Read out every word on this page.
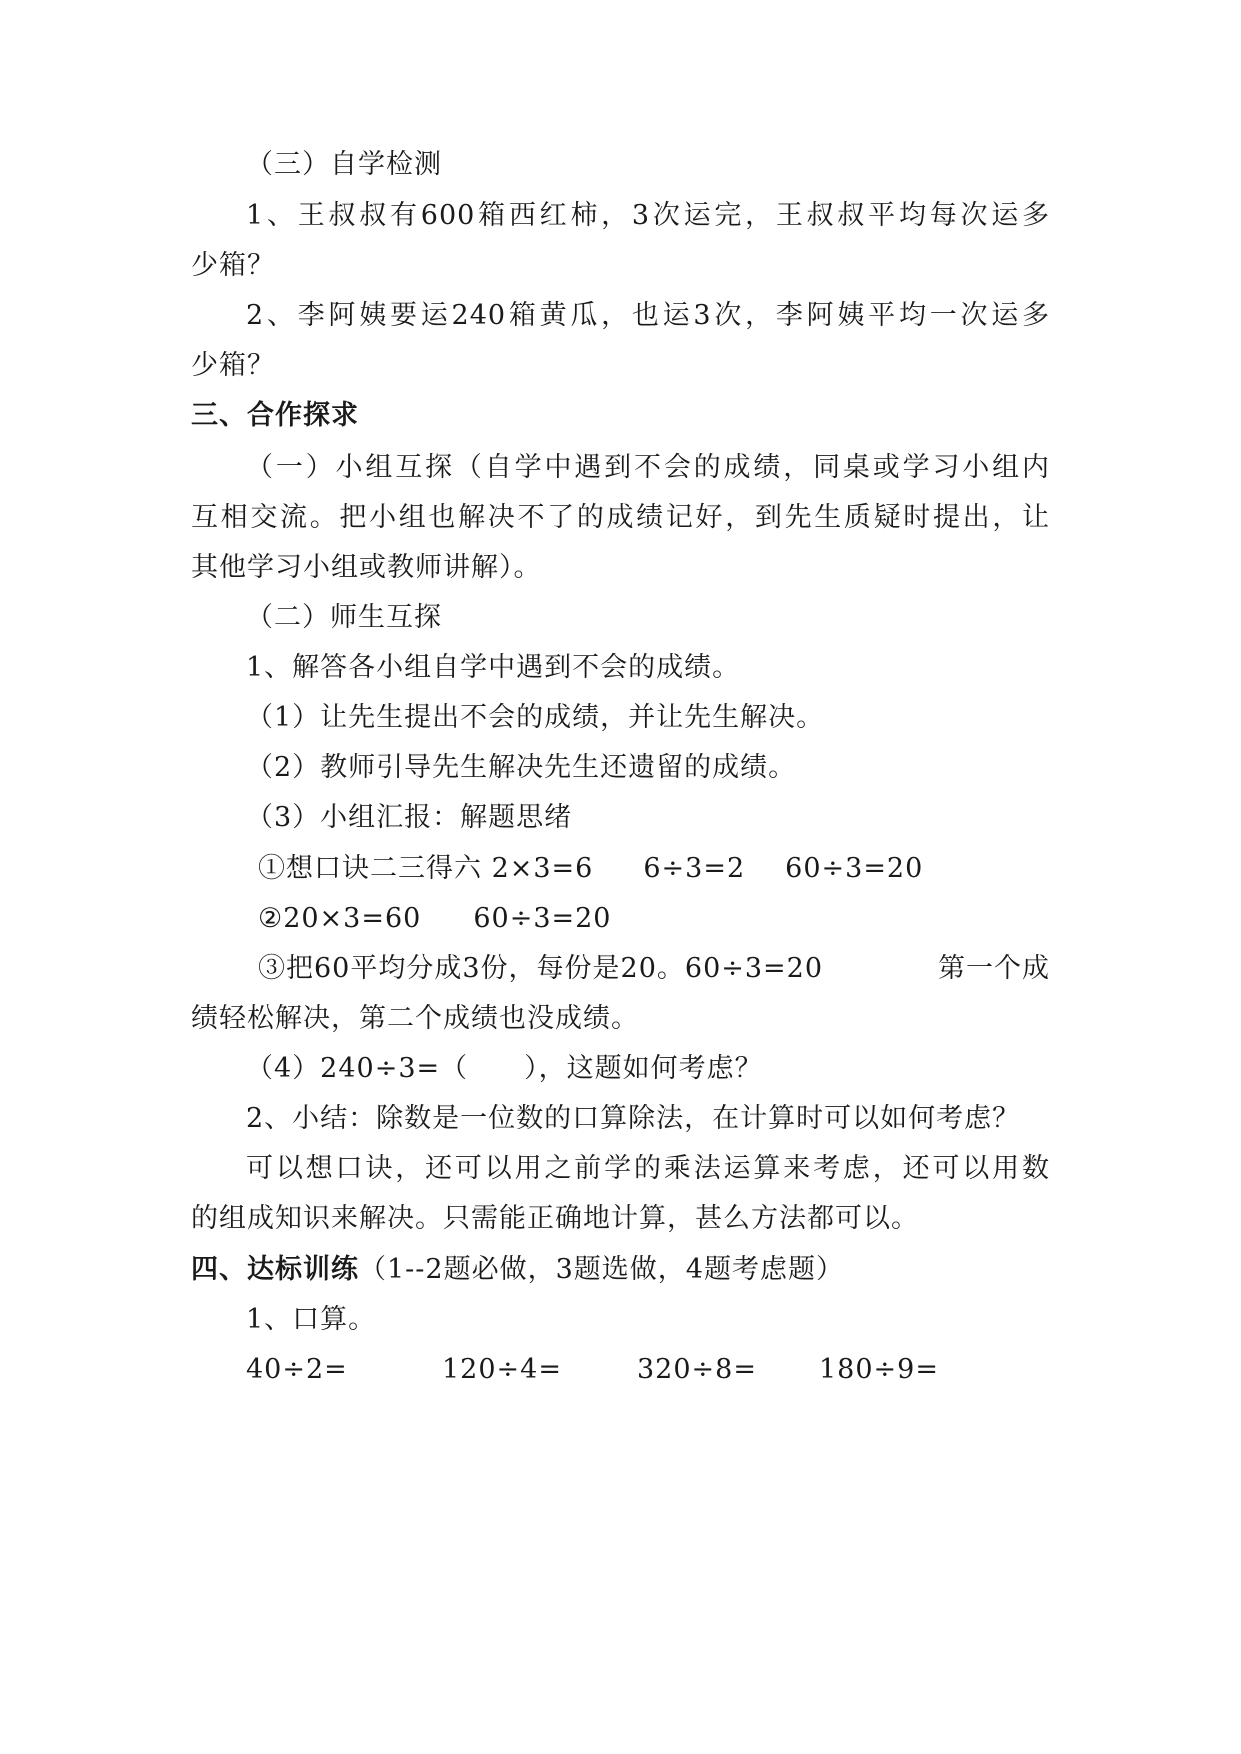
（三）自学检测
1、王叔叔有600箱西红柿，3次运完，王叔叔平均每次运多
少箱？
2、李阿姨要运240箱黄瓜，也运3次，李阿姨平均一次运多
少箱？
三、合作探求
（一）小组互探（自学中遇到不会的成绩，同桌或学习小组内
互相交流。把小组也解决不了的成绩记好，到先生质疑时提出，让
其他学习小组或教师讲解）。
（二）师生互探
1、解答各小组自学中遇到不会的成绩。
（1）让先生提出不会的成绩，并让先生解决。
（2）教师引导先生解决先生还遗留的成绩。
（3）小组汇报：解题思绪
①想口诀二三得六 2×3=6 6÷3=2 60÷3=20
②20×3=60 60÷3=20
③把60平均分成3份，每份是20。60÷3=20	第一个成
绩轻松解决，第二个成绩也没成绩。
（4）240÷3=（　　），这题如何考虑？
2、小结：除数是一位数的口算除法，在计算时可以如何考虑？
可以想口诀，还可以用之前学的乘法运算来考虑，还可以用数
的组成知识来解决。只需能正确地计算，甚么方法都可以。
四、达标训练（1--2题必做，3题选做，4题考虑题）
1、口算。
40÷2=	120÷4=	320÷8= 180÷9=
